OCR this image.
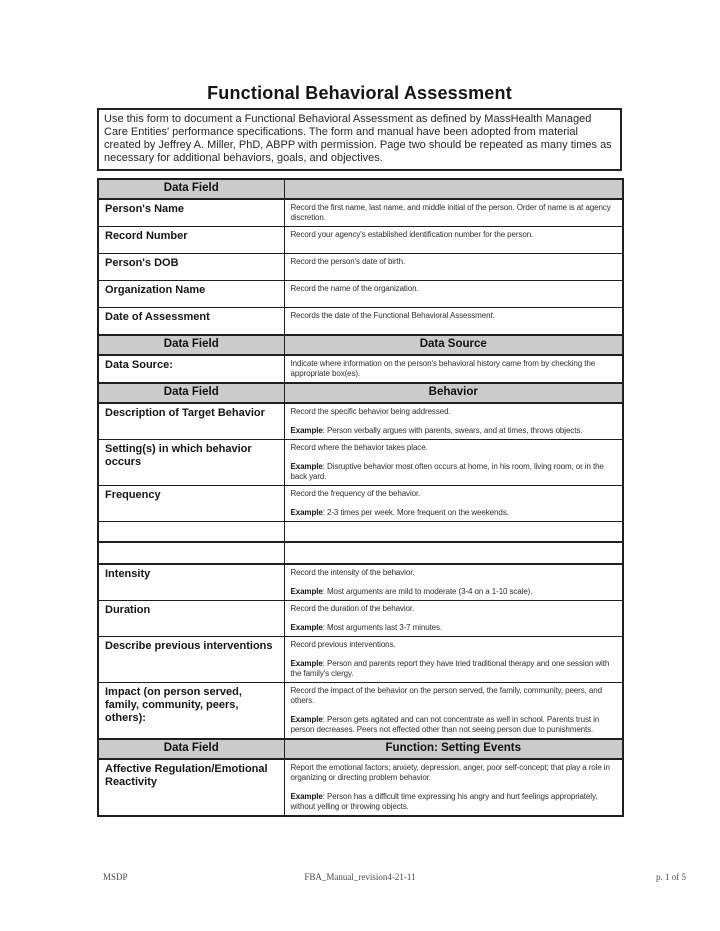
Functional Behavioral Assessment
Use this form to document a Functional Behavioral Assessment as defined by MassHealth Managed Care Entities' performance specifications. The form and manual have been adopted from material created by Jeffrey A. Miller, PhD, ABPP with permission. Page two should be repeated as many times as necessary for additional behaviors, goals, and objectives.
Data Field	
Person's Name	Record the first name, last name, and middle initial of the person. Order of name is at agency discretion.

Record Number	Record your agency's established identification number for the person.

Person's DOB	Record the person's date of birth.

Organization Name	Record the name of the organization.

Date of Assessment	Records the date of the Functional Behavioral Assessment.

Data Field	Data Source
Data Source:	Indicate where information on the person's behavioral history came from by checking the appropriate box(es).

Data Field	Behavior
Description of Target Behavior	Record the specific behavior being addressed.
Example: Person verbally argues with parents, swears, and at times, throws objects.

Setting(s) in which behavior occurs	Record where the behavior takes place.
Example: Disruptive behavior most often occurs at home, in his room, living room, or in the back yard.

Frequency	Record the frequency of the behavior.
Example: 2-3 times per week. More frequent on the weekends.

Intensity	Record the intensity of the behavior.
Example: Most arguments are mild to moderate (3-4 on a 1-10 scale).

Duration	Record the duration of the behavior.
Example: Most arguments last 3-7 minutes.

Describe previous interventions	Record previous interventions.
Example: Person and parents report they have tried traditional therapy and one session with the family's clergy.

Impact (on person served, family, community, peers, others):	Record the impact of the behavior on the person served, the family, community, peers, and others.
Example: Person gets agitated and can not concentrate as well in school. Parents trust in person decreases. Peers not effected other than not seeing person due to punishments.

Data Field	Function: Setting Events
Affective Regulation/Emotional Reactivity	Report the emotional factors; anxiety, depression, anger, poor self-concept; that play a role in organizing or directing problem behavior.
Example: Person has a difficult time expressing his angry and hurt feelings appropriately, without yelling or throwing objects.
MSDP	FBA_Manual_revision4-21-11	p. 1 of 5
